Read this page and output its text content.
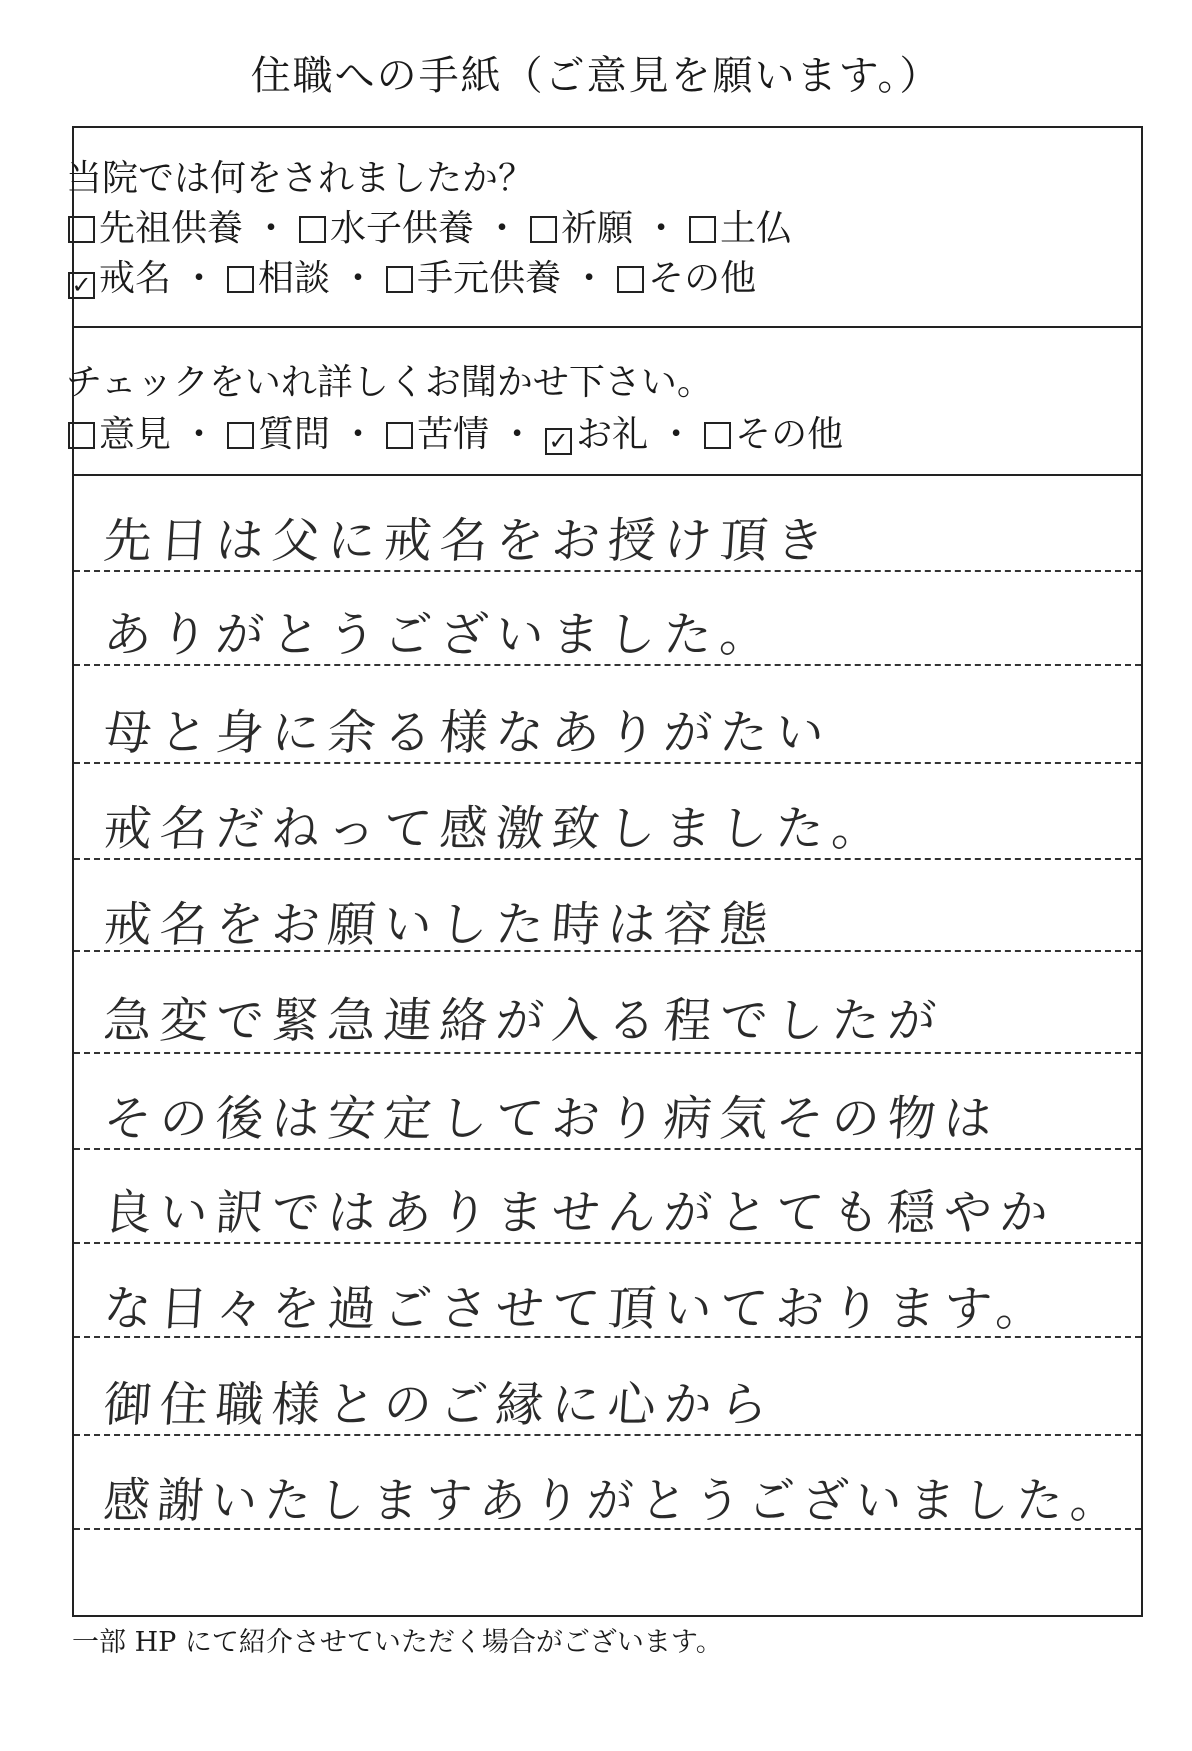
住職への手紙（ご意見を願います。）
当院では何をされましたか？
先祖供養 ・ 水子供養 ・ 祈願 ・ 土仏
✓ 戒名 ・ 相談 ・ 手元供養 ・ その他
チェックをいれ詳しくお聞かせ下さい。
意見 ・ 質問 ・ 苦情 ・ ✓ お礼 ・ その他
先日は父に戒名をお授け頂き
ありがとうございました。
母と身に余る様なありがたい
戒名だねって感激致しました。
戒名をお願いした時は容態
急変で緊急連絡が入る程でしたが
その後は安定しており病気その物は
良い訳ではありませんがとても穏やか
な日々を過ごさせて頂いております。
御住職様とのご縁に心から
感謝いたしますありがとうございました。
一部 HP にて紹介させていただく場合がございます。
